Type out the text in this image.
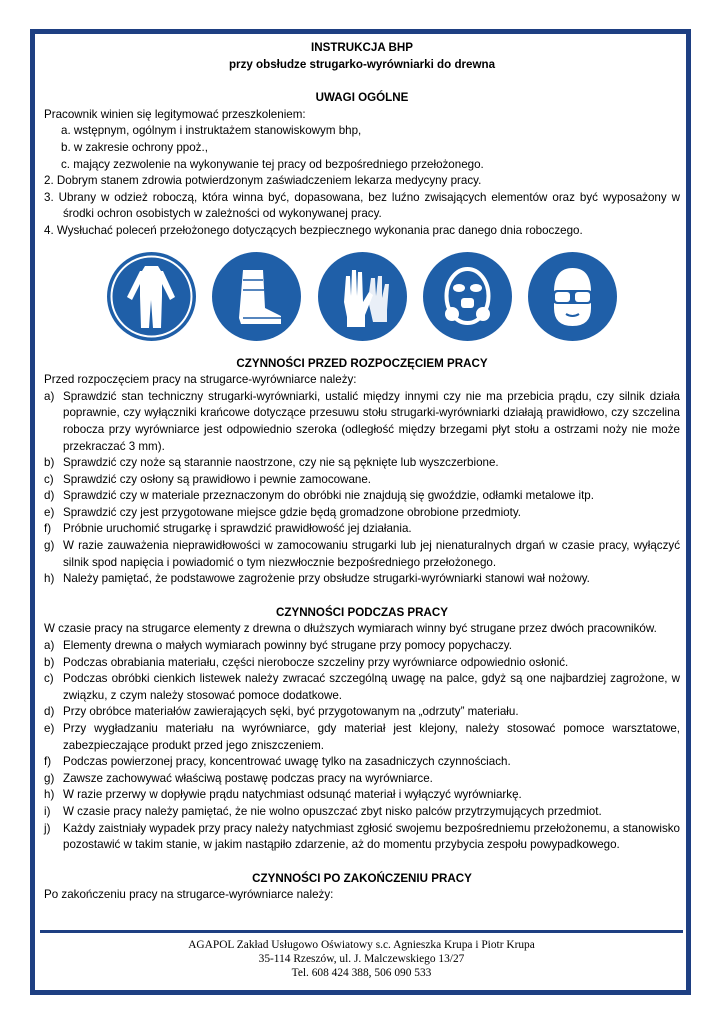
INSTRUKCJA BHP

przy obsłudze strugarko-wyrówniarki do drewna

UWAGI OGÓLNE

Pracownik winien się legitymować przeszkoleniem:

a. wstępnym, ogólnym i instruktażem stanowiskowym bhp,

b. w zakresie ochrony ppoż.,

c. mający zezwolenie na wykonywanie tej pracy od bezpośredniego przełożonego.

2. Dobrym stanem zdrowia potwierdzonym zaświadczeniem lekarza medycyny pracy.

3. Ubrany w odzież roboczą, która winna być, dopasowana, bez luźno zwisających elementów oraz być wyposażony w środki ochron osobistych w zależności od wykonywanej pracy.

4. Wysłuchać poleceń przełożonego dotyczących bezpiecznego wykonania prac danego dnia roboczego.

CZYNNOŚCI PRZED ROZPOCZĘCIEM PRACY

Przed rozpoczęciem pracy na strugarce-wyrówniarce należy:

a) Sprawdzić stan techniczny strugarki-wyrówniarki, ustalić między innymi czy nie ma przebicia prądu, czy silnik działa poprawnie, czy wyłączniki krańcowe dotyczące przesuwu stołu strugarki-wyrówniarki działają prawidłowo, czy szczelina robocza przy wyrówniarce jest odpowiednio szeroka (odległość między brzegami płyt stołu a ostrzami noży nie może przekraczać 3 mm).
b) Sprawdzić czy noże są starannie naostrzone, czy nie są pęknięte lub wyszczerbione.
c) Sprawdzić czy osłony są prawidłowo i pewnie zamocowane.
d) Sprawdzić czy w materiale przeznaczonym do obróbki nie znajdują się gwoździe, odłamki metalowe itp.
e) Sprawdzić czy jest przygotowane miejsce gdzie będą gromadzone obrobione przedmioty.
f) Próbnie uruchomić strugarkę i sprawdzić prawidłowość jej działania.
g) W razie zauważenia nieprawidłowości w zamocowaniu strugarki lub jej nienaturalnych drgań w czasie pracy, wyłączyć silnik spod napięcia i powiadomić o tym niezwłocznie bezpośredniego przełożonego.
h) Należy pamiętać, że podstawowe zagrożenie przy obsłudze strugarki-wyrówniarki stanowi wał nożowy.

CZYNNOŚCI PODCZAS PRACY

W czasie pracy na strugarce elementy z drewna o dłuższych wymiarach winny być strugane przez dwóch pracowników.

a) Elementy drewna o małych wymiarach powinny być strugane przy pomocy popychaczy.
b) Podczas obrabiania materiału, części nierobocze szczeliny przy wyrówniarce odpowiednio osłonić.
c) Podczas obróbki cienkich listewek należy zwracać szczególną uwagę na palce, gdyż są one najbardziej zagrożone, w związku, z czym należy stosować pomoce dodatkowe.
d) Przy obróbce materiałów zawierających sęki, być przygotowanym na „odrzuty” materiału.
e) Przy wygładzaniu materiału na wyrówniarce, gdy materiał jest klejony, należy stosować pomoce warsztatowe, zabezpieczające produkt przed jego zniszczeniem.
f) Podczas powierzonej pracy, koncentrować uwagę tylko na zasadniczych czynnościach.
g) Zawsze zachowywać właściwą postawę podczas pracy na wyrówniarce.
h) W razie przerwy w dopływie prądu natychmiast odsunąć materiał i wyłączyć wyrówniarkę.
i) W czasie pracy należy pamiętać, że nie wolno opuszczać zbyt nisko palców przytrzymujących przedmiot.
j) Każdy zaistniały wypadek przy pracy należy natychmiast zgłosić swojemu bezpośredniemu przełożonemu, a stanowisko pozostawić w takim stanie, w jakim nastąpiło zdarzenie, aż do momentu przybycia zespołu powypadkowego.

CZYNNOŚCI PO ZAKOŃCZENIU PRACY

Po zakończeniu pracy na strugarce-wyrówniarce należy:

AGAPOL Zakład Usługowo Oświatowy s.c. Agnieszka Krupa i Piotr Krupa
35-114 Rzeszów, ul. J. Malczewskiego 13/27
Tel. 608 424 388, 506 090 533
